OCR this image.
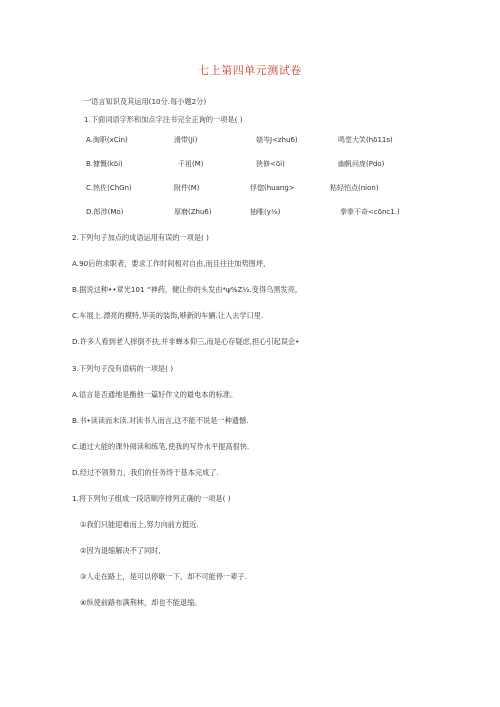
七上第四单元测试卷
一'语言知识及其运用(10分.每小题2分)
1.下面词语字形和加点字注书完全正询的一项是( )
A.淘职(xCin)	滑带(Ji)	娆岑J<zhu6)	鸣堂大笑(hδ11s)
B.慷慨(kδi)	千祖(M)	狭修<δi)	幽帆问庞(Pdo)
C.热佐(ChGn)	附件(M)	俘惚(huang>	粘轻怕点(nion)
D.郎涉(Mo)	厚磨(Zhu6)	抽唯(y⅛)	拳拳不奇<cδnc1.)
2.下列句子加点的成语运用有误的一项是( )
A.90后的求职者，要求工作时间相对自由,而且往往加势图坪，
B.据说这种••章光101 “神药，健让你的头发由*ψ%Z½.变得乌黑发亮，
C.车展上.漂亮的模特,华美的装饰,够新的车辆.让人去学口里.
D.许多人看到老人摔倒不扶,并非蝉本仰三,而是心存疑虑,担心引起误会•
3.下列句子没有语病的一项是( )
A.语言是否通地是衡他一篇好作文的最电本的标准。
B.书•读读而未读.对读书人而言,这不能不说是一种遗憾.
C.通过大能的课外阅读和练笔,使我的写作水平提高很快.
D.经过不领努力，我们的任务终于基本完成了.
1.将下列句子组成一段话顺序排列正确的一项是( )
①我们只能迎难而上,努力向前方挺近.
②因为退缩解决不了同时,
③人走在路上，是可以停歇一下，却不可能停一辈子.
④纵使前路布满荆林，却也不能退缩。
